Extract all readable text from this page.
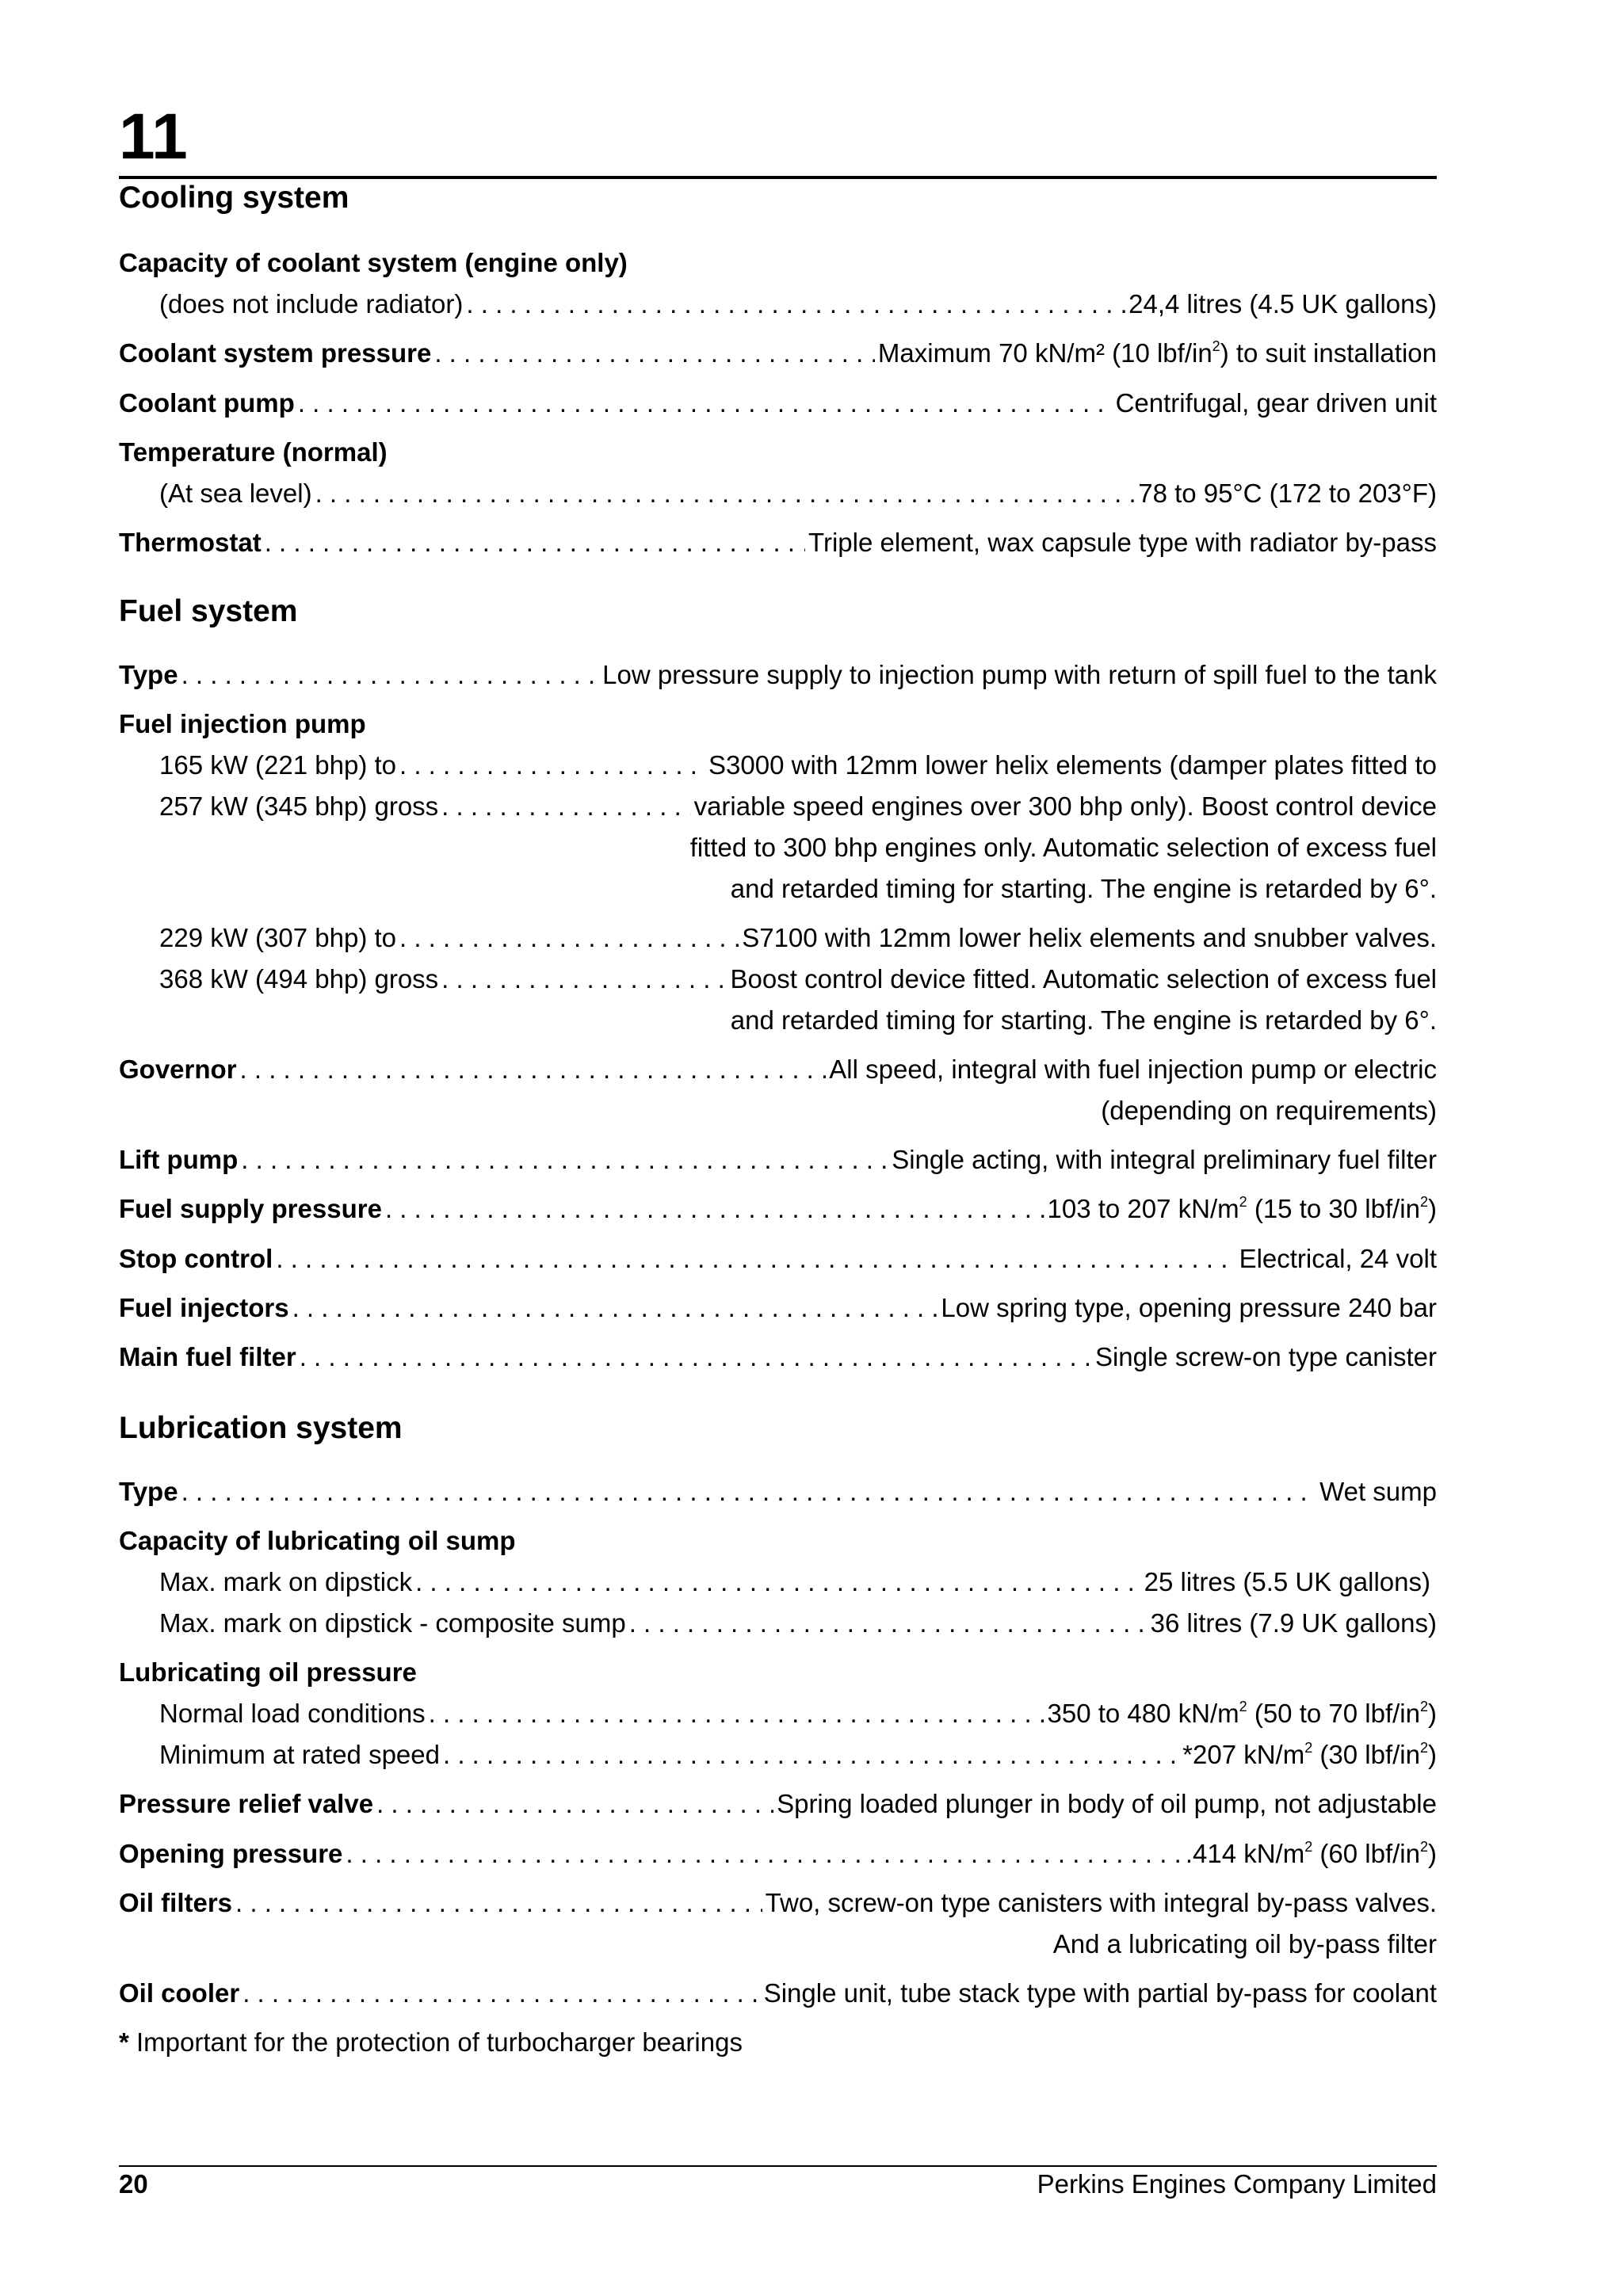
11
Cooling system
Capacity of coolant system (engine only)
(does not include radiator) . . .	24,4 litres (4.5 UK gallons)
Coolant system pressure . . .	Maximum 70 kN/m² (10 lbf/$in^2$) to suit installation
Coolant pump . . .	Centrifugal, gear driven unit
Temperature (normal)
(At sea level) . . .	78 to 95°C (172 to 203°F)
Thermostat . . .	Triple element, wax capsule type with radiator by-pass
Fuel system
Type . . .	Low pressure supply to injection pump with return of spill fuel to the tank
Fuel injection pump
165 kW (221 bhp) to . . .	S3000 with 12mm lower helix elements (damper plates fitted to
257 kW (345 bhp) gross . . .	variable speed engines over 300 bhp only). Boost control device
fitted to 300 bhp engines only. Automatic selection of excess fuel
and retarded timing for starting. The engine is retarded by 6°.
229 kW (307 bhp) to . . .	S7100 with 12mm lower helix elements and snubber valves.
368 kW (494 bhp) gross . . .	Boost control device fitted. Automatic selection of excess fuel
and retarded timing for starting. The engine is retarded by 6°.
Governor . . .	All speed, integral with fuel injection pump or electric
(depending on requirements)
Lift pump . . .	Single acting, with integral preliminary fuel filter
Fuel supply pressure . . .	103 to 207 $kN/m^2$ (15 to 30 lbf/$in^2$)
Stop control . . .	Electrical, 24 volt
Fuel injectors . . .	Low spring type, opening pressure 240 bar
Main fuel filter . . .	Single screw-on type canister
Lubrication system
Type . . .	Wet sump
Capacity of lubricating oil sump
Max. mark on dipstick . . .	25 litres (5.5 UK gallons)
Max. mark on dipstick - composite sump . . .	36 litres (7.9 UK gallons)
Lubricating oil pressure
Normal load conditions . . .	350 to 480 $kN/m^2$ (50 to 70 lbf/$in^2$)
Minimum at rated speed . . .	*207 $kN/m^2$ (30 lbf/$in^2$)
Pressure relief valve . . .	Spring loaded plunger in body of oil pump, not adjustable
Opening pressure . . .	.414 $kN/m^2$ (60 lbf/$in^2$)
Oil filters . . .	Two, screw-on type canisters with integral by-pass valves.
And a lubricating oil by-pass filter
Oil cooler . . .	Single unit, tube stack type with partial by-pass for coolant
* Important for the protection of turbocharger bearings
20	Perkins Engines Company Limited
